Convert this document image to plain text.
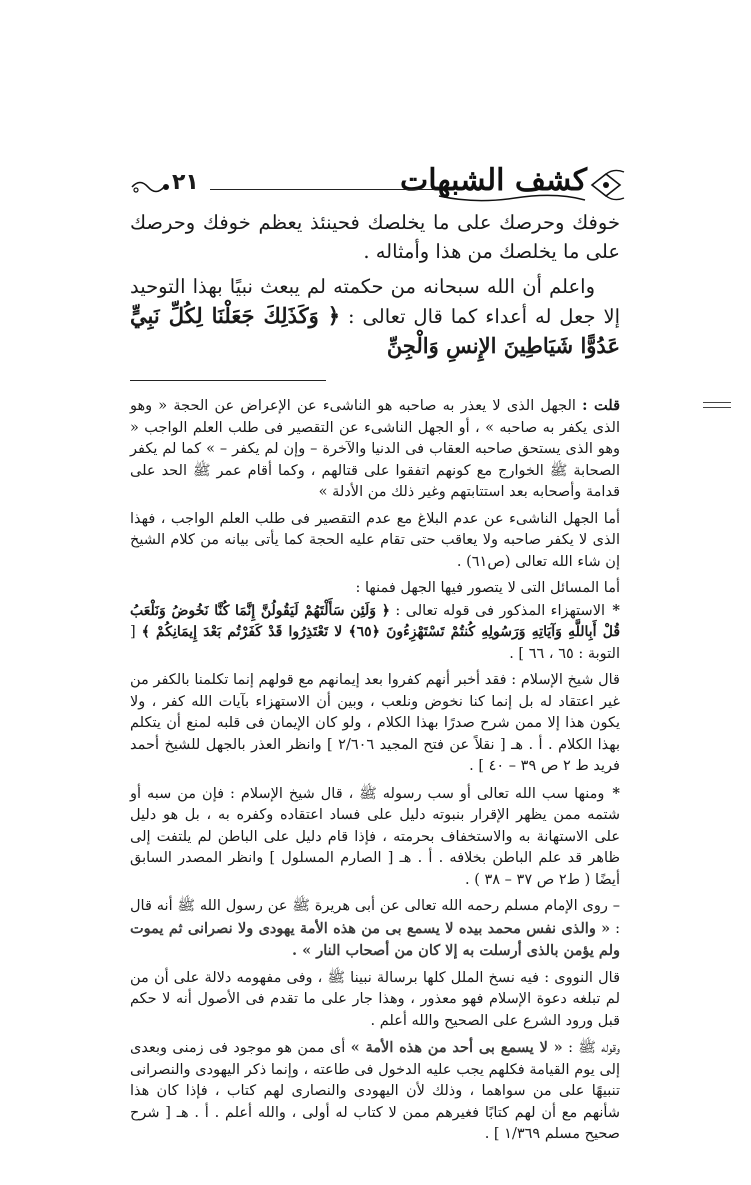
كشف الشبهات
٢١

خوفك وحرصك على ما يخلصك فحينئذ يعظم خوفك وحرصك على ما يخلصك من هذا وأمثاله .

واعلم أن الله سبحانه من حكمته لم يبعث نبيًا بهذا التوحيد إلا جعل له أعداء كما قال تعالى : ﴿ وَكَذَلِكَ جَعَلْنَا لِكُلِّ نَبِيٍّ عَدُوًّا شَيَاطِينَ الإِنسِ وَالْجِنِّ

قلت : الجهل الذى لا يعذر به صاحبه هو الناشىء عن الإعراض عن الحجة « وهو الذى يكفر به صاحبه » ، أو الجهل الناشىء عن التقصير فى طلب العلم الواجب « وهو الذى يستحق صاحبه العقاب فى الدنيا والآخرة – وإن لم يكفر – » كما لم يكفر الصحابة ﷺ الخوارج مع كونهم اتفقوا على قتالهم ، وكما أقام عمر ﷺ الحد على قدامة وأصحابه بعد استتابتهم وغير ذلك من الأدلة »

أما الجهل الناشىء عن عدم البلاغ مع عدم التقصير فى طلب العلم الواجب ، فهذا الذى لا يكفر صاحبه ولا يعاقب حتى تقام عليه الحجة كما يأتى بيانه من كلام الشيخ إن شاء الله تعالى (ص٦١) .

أما المسائل التى لا يتصور فيها الجهل فمنها :

* الاستهزاء المذكور فى قوله تعالى : ﴿ وَلَئِن سَأَلْتَهُمْ لَيَقُولُنَّ إِنَّمَا كُنَّا نَخُوضُ وَنَلْعَبُ قُلْ أَبِاللَّهِ وَآيَاتِهِ وَرَسُولِهِ كُنتُمْ تَسْتَهْزِءُونَ ﴿٦٥﴾ لا تَعْتَذِرُوا قَدْ كَفَرْتُم بَعْدَ إِيمَانِكُمْ ﴾ [ التوبة : ٦٥ ، ٦٦ ] .

قال شيخ الإسلام : فقد أخبر أنهم كفروا بعد إيمانهم مع قولهم إنما تكلمنا بالكفر من غير اعتقاد له بل إنما كنا نخوض ونلعب ، وبين أن الاستهزاء بآيات الله كفر ، ولا يكون هذا إلا ممن شرح صدرًا بهذا الكلام ، ولو كان الإيمان فى قلبه لمنع أن يتكلم بهذا الكلام . أ . هـ [ نقلاً عن فتح المجيد ٢/٦٠٦ ] وانظر العذر بالجهل للشيخ أحمد فريد ط ٢ ص ٣٩ – ٤٠ ] .

* ومنها سب الله تعالى أو سب رسوله ﷺ ، قال شيخ الإسلام : فإن من سبه أو شتمه ممن يظهر الإقرار بنبوته دليل على فساد اعتقاده وكفره به ، بل هو دليل على الاستهانة به والاستخفاف بحرمته ، فإذا قام دليل على الباطن لم يلتفت إلى ظاهر قد علم الباطن بخلافه . أ . هـ [ الصارم المسلول ] وانظر المصدر السابق أيضًا ( ط٢ ص ٣٧ – ٣٨ ) .

– روى الإمام مسلم رحمه الله تعالى عن أبى هريرة ﷺ عن رسول الله ﷺ أنه قال : « والذى نفس محمد بيده لا يسمع بى من هذه الأمة يهودى ولا نصرانى ثم يموت ولم يؤمن بالذى أرسلت به إلا كان من أصحاب النار » .

قال النووى : فيه نسخ الملل كلها برسالة نبينا ﷺ ، وفى مفهومه دلالة على أن من لم تبلغه دعوة الإسلام فهو معذور ، وهذا جار على ما تقدم فى الأصول أنه لا حكم قبل ورود الشرع على الصحيح والله أعلم .

وقوله ﷺ : « لا يسمع بى أحد من هذه الأمة » أى ممن هو موجود فى زمنى وبعدى إلى يوم القيامة فكلهم يجب عليه الدخول فى طاعته ، وإنما ذكر اليهودى والنصرانى تنبيهًا على من سواهما ، وذلك لأن اليهودى والنصارى لهم كتاب ، فإذا كان هذا شأنهم مع أن لهم كتابًا فغيرهم ممن لا كتاب له أولى ، والله أعلم . أ . هـ [ شرح صحيح مسلم ١/٣٦٩ ] .
